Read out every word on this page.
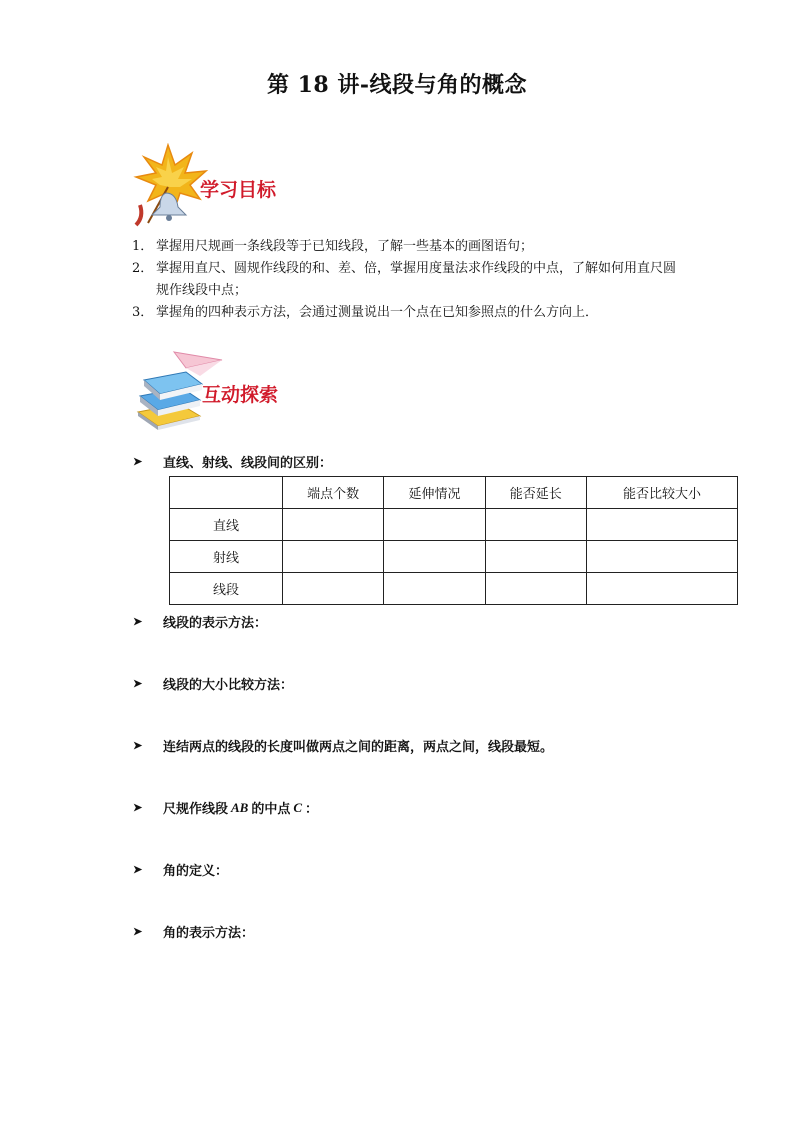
第 18 讲-线段与角的概念
学习目标
1． 掌握用尺规画一条线段等于已知线段，了解一些基本的画图语句；
2． 掌握用直尺、圆规作线段的和、差、倍，掌握用度量法求作线段的中点，了解如何用直尺圆规作线段中点；
3． 掌握角的四种表示方法，会通过测量说出一个点在已知参照点的什么方向上．
互动探索
➤	直线、射线、线段间的区别：
	端点个数	延伸情况	能否延长	能否比较大小
直线				
射线				
线段				
➤	线段的表示方法：
➤	线段的大小比较方法：
➤	连结两点的线段的长度叫做两点之间的距离，两点之间，线段最短。
➤	尺规作线段 AB 的中点 C ：
➤	角的定义：
➤	角的表示方法：
